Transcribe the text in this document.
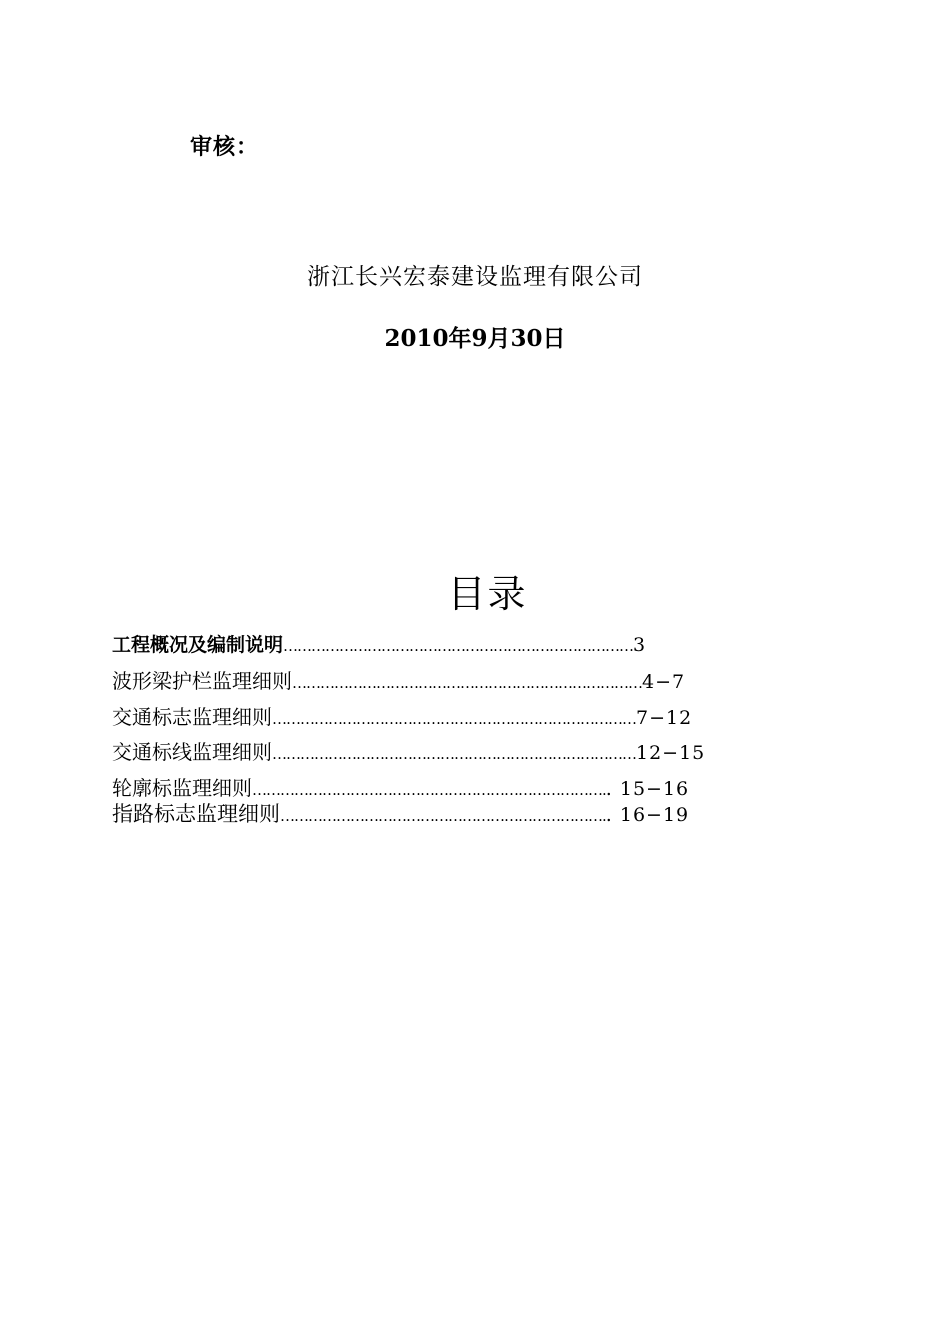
审核：
浙江长兴宏泰建设监理有限公司
2010年9月30日
目录
工程概况及编制说明…………………………………………………………………3
波形梁护栏监理细则…………………………………………………………………4−7
交通标志监理细则……………………………………………………………………7−12
交通标线监理细则……………………………………………………………………12−15
轮廓标监理细则………………………………………………………………….. 15−16
指路标志监理细则…………………………………………………………….. 16−19
